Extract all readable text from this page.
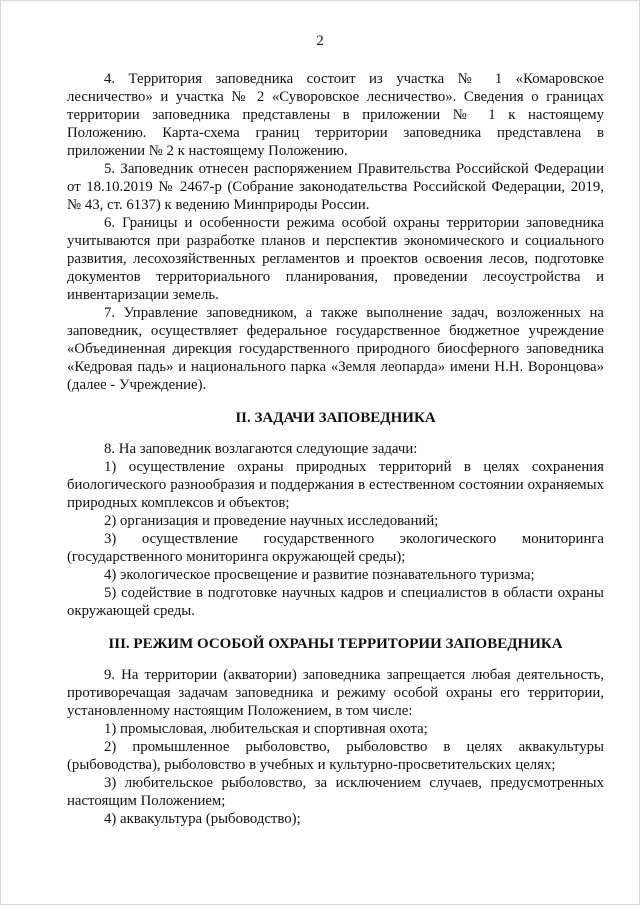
2

4. Территория заповедника состоит из участка № 1 «Комаровское лесничество» и участка № 2 «Суворовское лесничество». Сведения о границах территории заповедника представлены в приложении № 1 к настоящему Положению. Карта-схема границ территории заповедника представлена в приложении № 2 к настоящему Положению.

5. Заповедник отнесен распоряжением Правительства Российской Федерации от 18.10.2019 № 2467-р (Собрание законодательства Российской Федерации, 2019, № 43, ст. 6137) к ведению Минприроды России.

6. Границы и особенности режима особой охраны территории заповедника учитываются при разработке планов и перспектив экономического и социального развития, лесохозяйственных регламентов и проектов освоения лесов, подготовке документов территориального планирования, проведении лесоустройства и инвентаризации земель.

7. Управление заповедником, а также выполнение задач, возложенных на заповедник, осуществляет федеральное государственное бюджетное учреждение «Объединенная дирекция государственного природного биосферного заповедника «Кедровая падь» и национального парка «Земля леопарда» имени Н.Н. Воронцова» (далее - Учреждение).

II. ЗАДАЧИ ЗАПОВЕДНИКА

8. На заповедник возлагаются следующие задачи:

1) осуществление охраны природных территорий в целях сохранения биологического разнообразия и поддержания в естественном состоянии охраняемых природных комплексов и объектов;

2) организация и проведение научных исследований;

3) осуществление государственного экологического мониторинга (государственного мониторинга окружающей среды);

4) экологическое просвещение и развитие познавательного туризма;

5) содействие в подготовке научных кадров и специалистов в области охраны окружающей среды.

III. РЕЖИМ ОСОБОЙ ОХРАНЫ ТЕРРИТОРИИ ЗАПОВЕДНИКА

9. На территории (акватории) заповедника запрещается любая деятельность, противоречащая задачам заповедника и режиму особой охраны его территории, установленному настоящим Положением, в том числе:

1) промысловая, любительская и спортивная охота;

2) промышленное рыболовство, рыболовство в целях аквакультуры (рыбоводства), рыболовство в учебных и культурно-просветительских целях;

3) любительское рыболовство, за исключением случаев, предусмотренных настоящим Положением;

4) аквакультура (рыбоводство);
